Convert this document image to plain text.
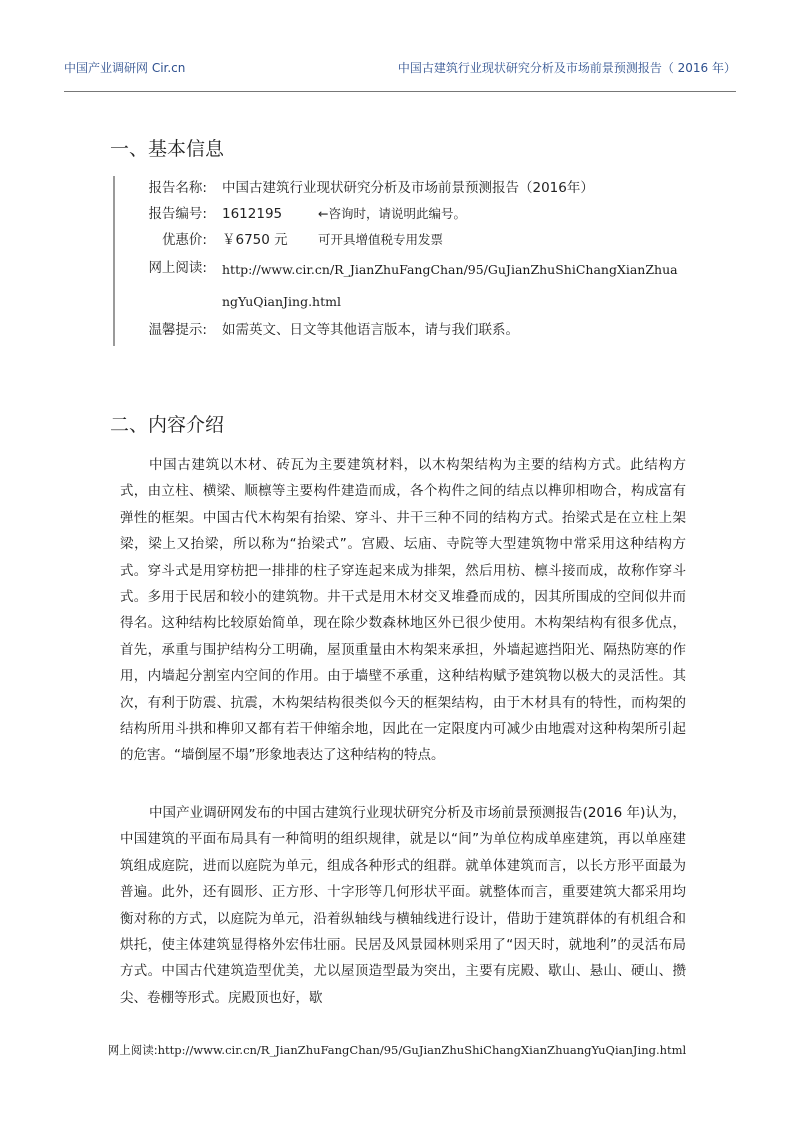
中国产业调研网 Cir.cn	中国古建筑行业现状研究分析及市场前景预测报告（ 2016 年）
一、基本信息
报告名称: 中国古建筑行业现状研究分析及市场前景预测报告（2016年）
报告编号: 1612195	←咨询时，请说明此编号。
优惠价: ￥6750 元	可开具增值税专用发票
网上阅读: http://www.cir.cn/R_JianZhuFangChan/95/GuJianZhuShiChangXianZhuangYuQianJing.html
温馨提示: 如需英文、日文等其他语言版本，请与我们联系。
二、内容介绍
中国古建筑以木材、砖瓦为主要建筑材料，以木构架结构为主要的结构方式。此结构方式，由立柱、横梁、顺檩等主要构件建造而成，各个构件之间的结点以榫卯相吻合，构成富有弹性的框架。中国古代木构架有抬梁、穿斗、井干三种不同的结构方式。抬梁式是在立柱上架梁，梁上又抬梁，所以称为“抬梁式”。宫殿、坛庙、寺院等大型建筑物中常采用这种结构方式。穿斗式是用穿枋把一排排的柱子穿连起来成为排架，然后用枋、檩斗接而成，故称作穿斗式。多用于民居和较小的建筑物。井干式是用木材交叉堆叠而成的，因其所围成的空间似井而得名。这种结构比较原始简单，现在除少数森林地区外已很少使用。木构架结构有很多优点，首先，承重与围护结构分工明确，屋顶重量由木构架来承担，外墙起遮挡阳光、隔热防寒的作用，内墙起分割室内空间的作用。由于墙壁不承重，这种结构赋予建筑物以极大的灵活性。其次，有利于防震、抗震，木构架结构很类似今天的框架结构，由于木材具有的特性，而构架的结构所用斗拱和榫卯又都有若干伸缩余地，因此在一定限度内可减少由地震对这种构架所引起的危害。“墙倒屋不塌”形象地表达了这种结构的特点。
中国产业调研网发布的中国古建筑行业现状研究分析及市场前景预测报告(2016 年)认为，中国建筑的平面布局具有一种简明的组织规律，就是以“间”为单位构成单座建筑，再以单座建筑组成庭院，进而以庭院为单元，组成各种形式的组群。就单体建筑而言，以长方形平面最为普遍。此外，还有圆形、正方形、十字形等几何形状平面。就整体而言，重要建筑大都采用均衡对称的方式，以庭院为单元，沿着纵轴线与横轴线进行设计，借助于建筑群体的有机组合和烘托，使主体建筑显得格外宏伟壮丽。民居及风景园林则采用了“因天时，就地利”的灵活布局方式。中国古代建筑造型优美，尤以屋顶造型最为突出，主要有庑殿、歇山、悬山、硬山、攒尖、卷棚等形式。庑殿顶也好，歇
网上阅读:http://www.cir.cn/R_JianZhuFangChan/95/GuJianZhuShiChangXianZhuangYuQianJing.html
